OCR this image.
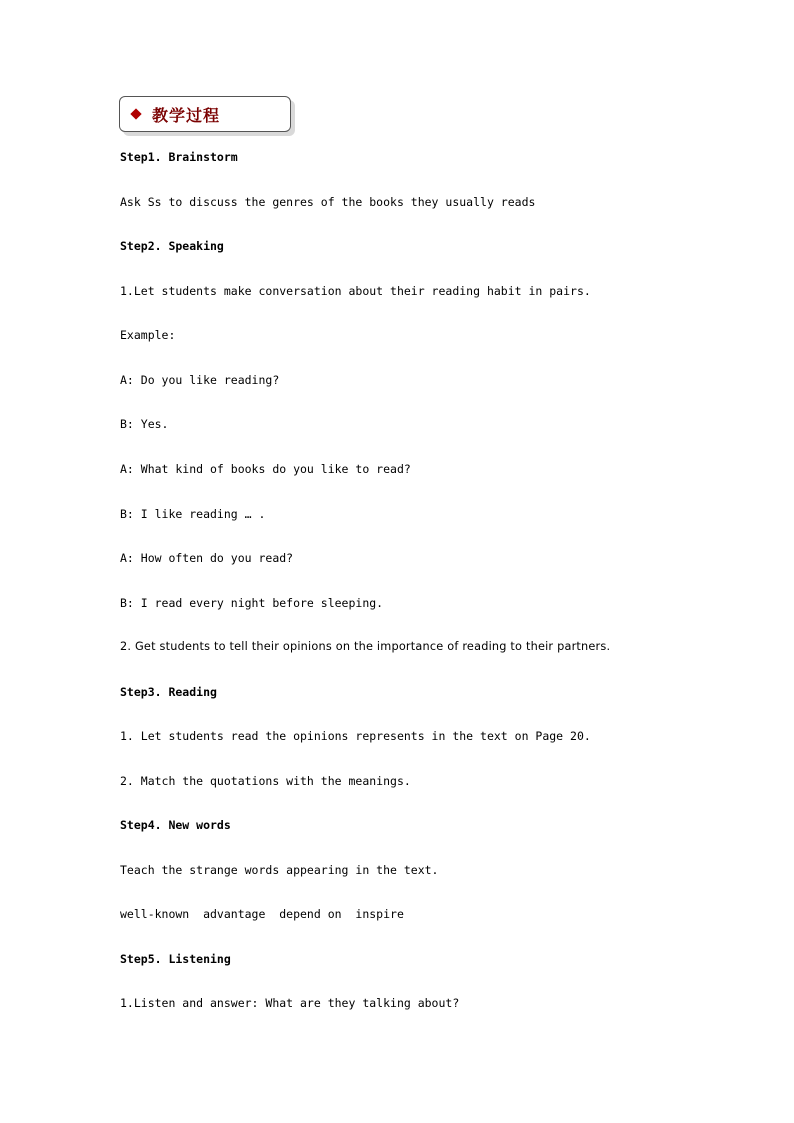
教学过程
Step1. Brainstorm
Ask Ss to discuss the genres of the books they usually reads
Step2. Speaking
1.Let students make conversation about their reading habit in pairs.
Example:
A: Do you like reading?
B: Yes.
A: What kind of books do you like to read?
B: I like reading … .
A: How often do you read?
B: I read every night before sleeping.
2. Get students to tell their opinions on the importance of reading to their partners.
Step3. Reading
1. Let students read the opinions represents in the text on Page 20.
2. Match the quotations with the meanings.
Step4. New words
Teach the strange words appearing in the text.
well-known  advantage  depend on  inspire
Step5. Listening
1.Listen and answer: What are they talking about?
